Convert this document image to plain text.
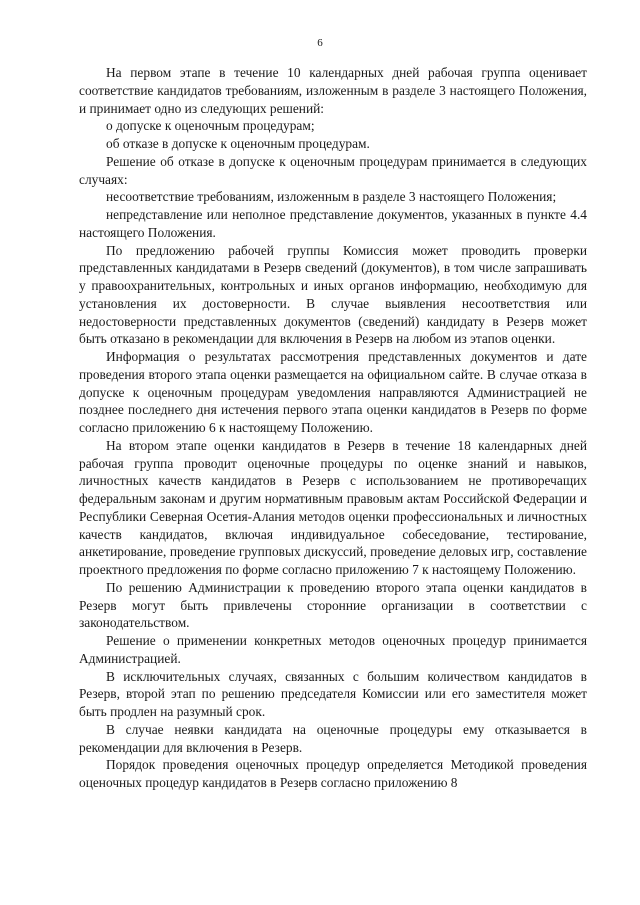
6

На первом этапе в течение 10 календарных дней рабочая группа оценивает соответствие кандидатов требованиям, изложенным в разделе 3 настоящего Положения, и принимает одно из следующих решений:

о допуске к оценочным процедурам;

об отказе в допуске к оценочным процедурам.

Решение об отказе в допуске к оценочным процедурам принимается в следующих случаях:

несоответствие требованиям, изложенным в разделе 3 настоящего Положения;

непредставление или неполное представление документов, указанных в пункте 4.4 настоящего Положения.

По предложению рабочей группы Комиссия может проводить проверки представленных кандидатами в Резерв сведений (документов), в том числе запрашивать у правоохранительных, контрольных и иных органов информацию, необходимую для установления их достоверности. В случае выявления несоответствия или недостоверности представленных документов (сведений) кандидату в Резерв может быть отказано в рекомендации для включения в Резерв на любом из этапов оценки.

Информация о результатах рассмотрения представленных документов и дате проведения второго этапа оценки размещается на официальном сайте. В случае отказа в допуске к оценочным процедурам уведомления направляются Администрацией не позднее последнего дня истечения первого этапа оценки кандидатов в Резерв по форме согласно приложению 6 к настоящему Положению.

На втором этапе оценки кандидатов в Резерв в течение 18 календарных дней рабочая группа проводит оценочные процедуры по оценке знаний и навыков, личностных качеств кандидатов в Резерв с использованием не противоречащих федеральным законам и другим нормативным правовым актам Российской Федерации и Республики Северная Осетия-Алания методов оценки профессиональных и личностных качеств кандидатов, включая индивидуальное собеседование, тестирование, анкетирование, проведение групповых дискуссий, проведение деловых игр, составление проектного предложения по форме согласно приложению 7 к настоящему Положению.

По решению Администрации к проведению второго этапа оценки кандидатов в Резерв могут быть привлечены сторонние организации в соответствии с законодательством.

Решение о применении конкретных методов оценочных процедур принимается Администрацией.

В исключительных случаях, связанных с большим количеством кандидатов в Резерв, второй этап по решению председателя Комиссии или его заместителя может быть продлен на разумный срок.

В случае неявки кандидата на оценочные процедуры ему отказывается в рекомендации для включения в Резерв.

Порядок проведения оценочных процедур определяется Методикой проведения оценочных процедур кандидатов в Резерв согласно приложению 8
